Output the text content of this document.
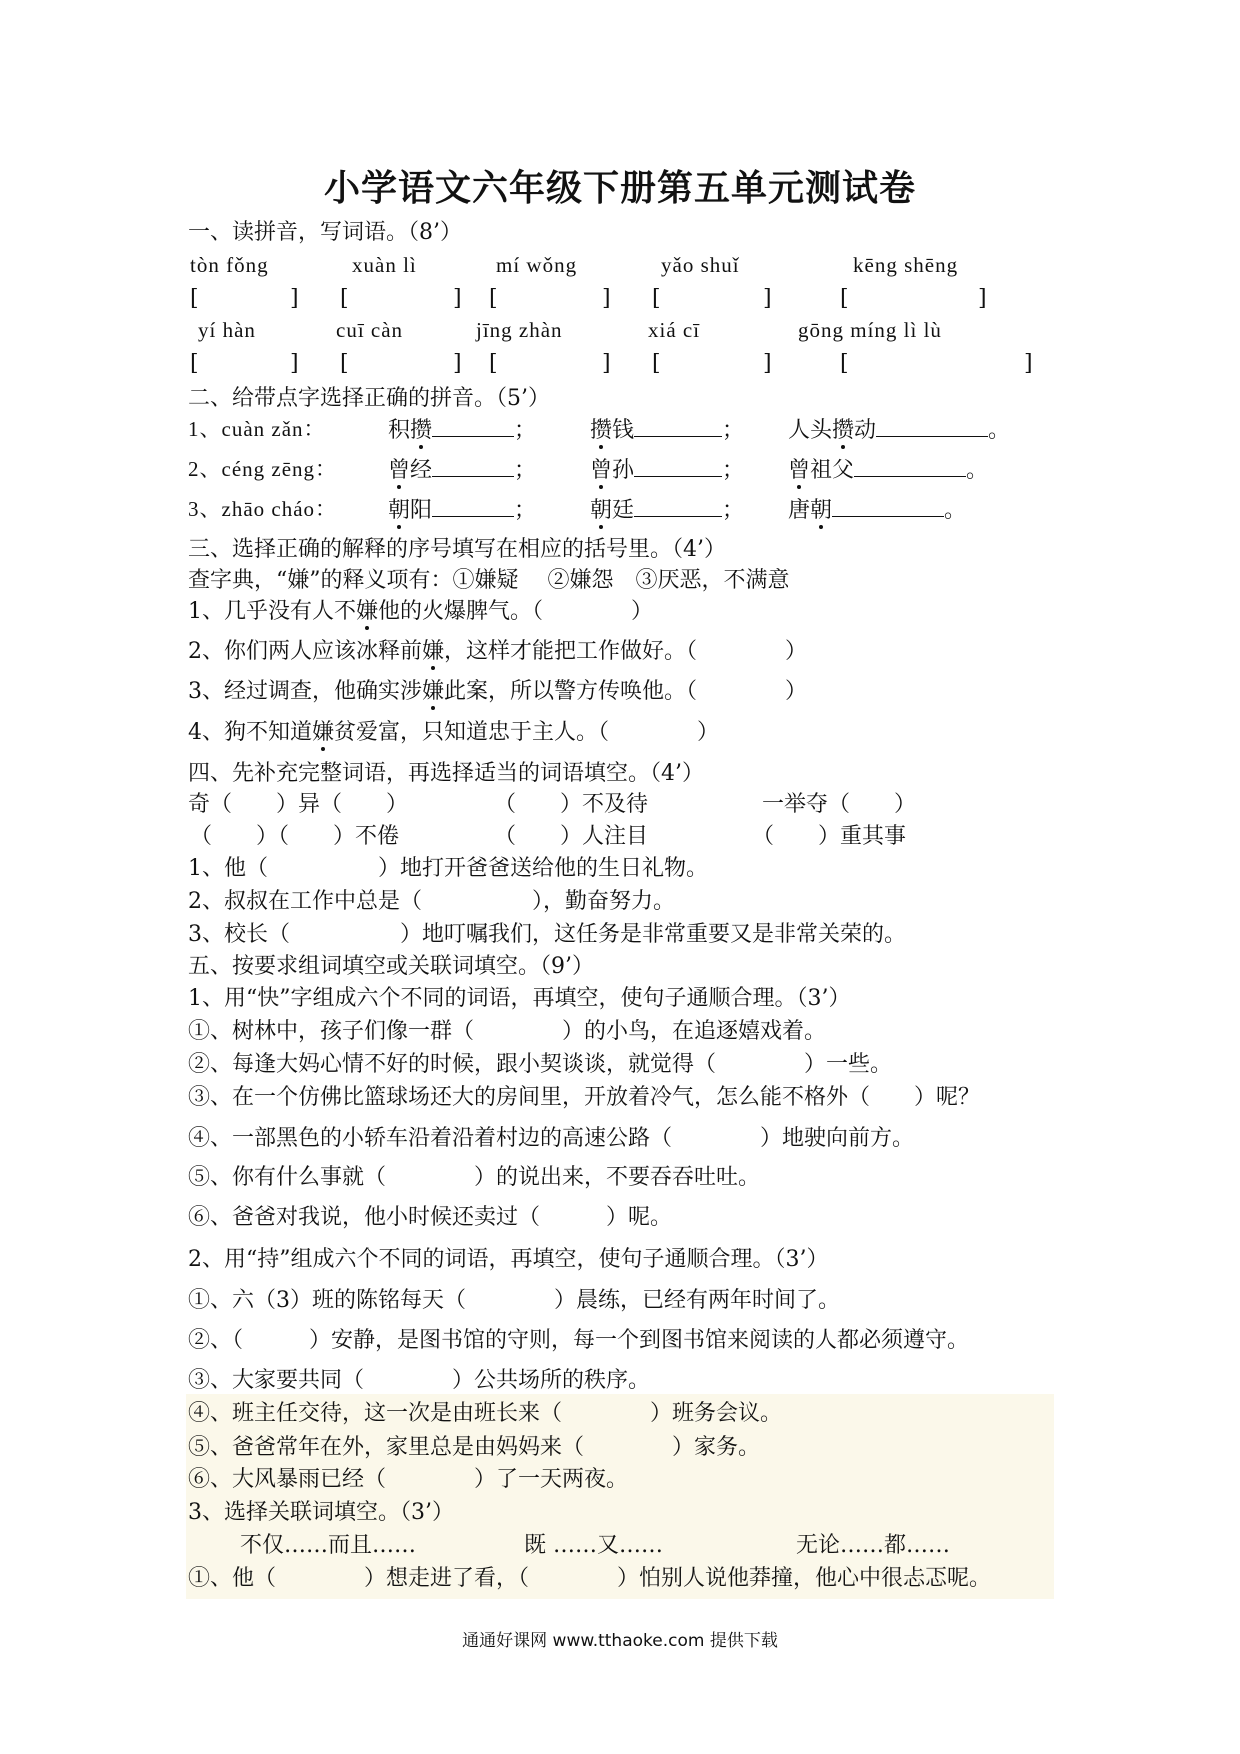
小学语文六年级下册第五单元测试卷
一、读拼音，写词语。（8’）
tòn fǒng	xuàn lì	mí wǒng	yǎo shuǐ	kēng shēng
[	] [	] [	] [	]	[	]
yí hàn	cuī càn	jīng zhàn	xiá cī	gōng míng lì lù
[	] [	] [	] [	]	[	]
二、给带点字选择正确的拼音。（5’）
1、cuàn zǎn：	积攒	； 攒钱	； 人头攒动	。
2、céng zēng： 曾经	； 曾孙	； 曾祖父	。
3、zhāo cháo： 朝阳	； 朝廷	； 唐朝	。
三、选择正确的解释的序号填写在相应的括号里。（4’）
查字典，“嫌”的释义项有：①嫌疑　 ②嫌怨　③厌恶，不满意
1、几乎没有人不嫌他的火爆脾气。（　　　　）
2、你们两人应该冰释前嫌，这样才能把工作做好。（　　　　）
3、经过调查，他确实涉嫌此案，所以警方传唤他。（　　　　）
4、狗不知道嫌贫爱富，只知道忠于主人。（　　　　）
四、先补充完整词语，再选择适当的词语填空。（4’）
奇（　　）异（　　）	（　　）不及待	一举夺（　　）
（　　）（　　）不倦	（　　）人注目	（　　）重其事
1、他（　　　　　）地打开爸爸送给他的生日礼物。
2、叔叔在工作中总是（　　　　　），勤奋努力。
3、校长（　　　　　）地叮嘱我们，这任务是非常重要又是非常关荣的。
五、按要求组词填空或关联词填空。（9’）
1、用“快”字组成六个不同的词语，再填空，使句子通顺合理。（3’）
①、树林中，孩子们像一群（　　　　）的小鸟，在追逐嬉戏着。
②、每逢大妈心情不好的时候，跟小契谈谈，就觉得（　　　　）一些。
③、在一个仿佛比篮球场还大的房间里，开放着冷气，怎么能不格外（　　）呢？
④、一部黑色的小轿车沿着沿着村边的高速公路（　　　　）地驶向前方。
⑤、你有什么事就（　　　　）的说出来，不要吞吞吐吐。
⑥、爸爸对我说，他小时候还卖过（　　　）呢。
2、用“持”组成六个不同的词语，再填空，使句子通顺合理。（3’）
①、六（3）班的陈铭每天（　　　　）晨练，已经有两年时间了。
②、（　　　）安静，是图书馆的守则，每一个到图书馆来阅读的人都必须遵守。
③、大家要共同（　　　　）公共场所的秩序。
④、班主任交待，这一次是由班长来（　　　　）班务会议。
⑤、爸爸常年在外，家里总是由妈妈来（　　　　）家务。
⑥、大风暴雨已经（　　　　）了一天两夜。
3、选择关联词填空。（3’）
不仅……而且……	既 ……又……	无论……都……
①、他（　　　　）想走进了看，（　　　　）怕别人说他莽撞，他心中很忐忑呢。
通通好课网 www.tthaoke.com 提供下载
